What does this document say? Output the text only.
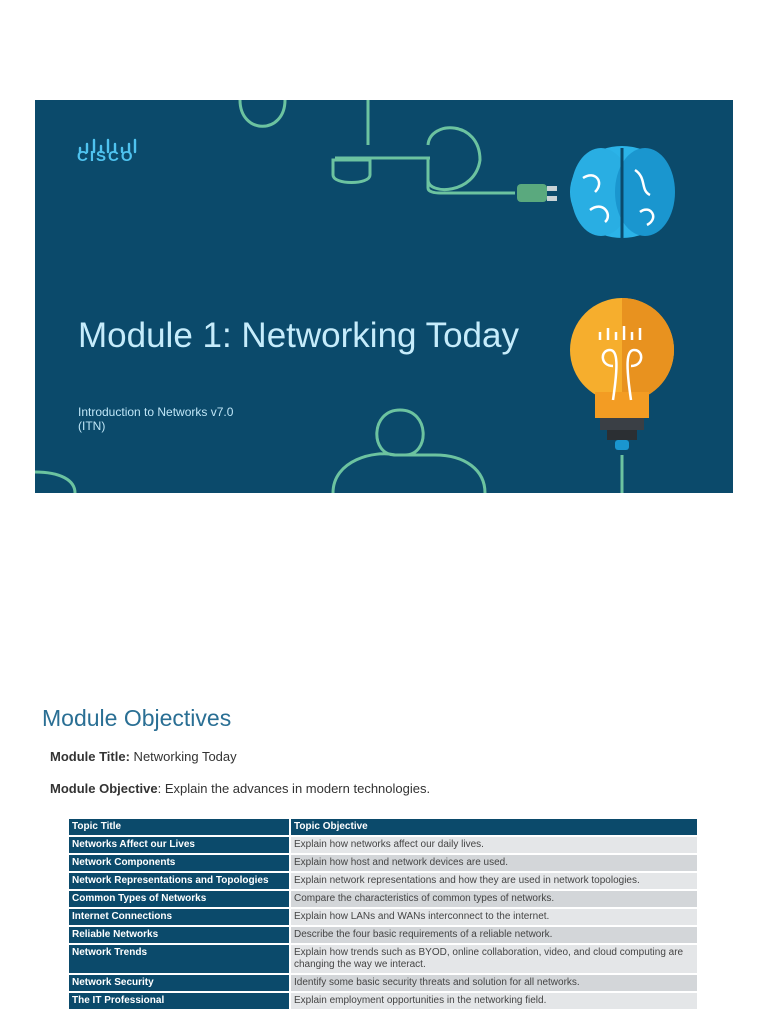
CISCO
Module 1: Networking Today
Introduction to Networks v7.0
(ITN)
Module Objectives
Module Title: Networking Today
Module Objective: Explain the advances in modern technologies.
Topic Title	Topic Objective
Networks Affect our Lives	Explain how networks affect our daily lives.
Network Components	Explain how host and network devices are used.
Network Representations and Topologies	Explain network representations and how they are used in network topologies.
Common Types of Networks	Compare the characteristics of common types of networks.
Internet Connections	Explain how LANs and WANs interconnect to the internet.
Reliable Networks	Describe the four basic requirements of a reliable network.
Network Trends	Explain how trends such as BYOD, online collaboration, video, and cloud computing are changing the way we interact.
Network Security	Identify some basic security threats and solution for all networks.
The IT Professional	Explain employment opportunities in the networking field.
